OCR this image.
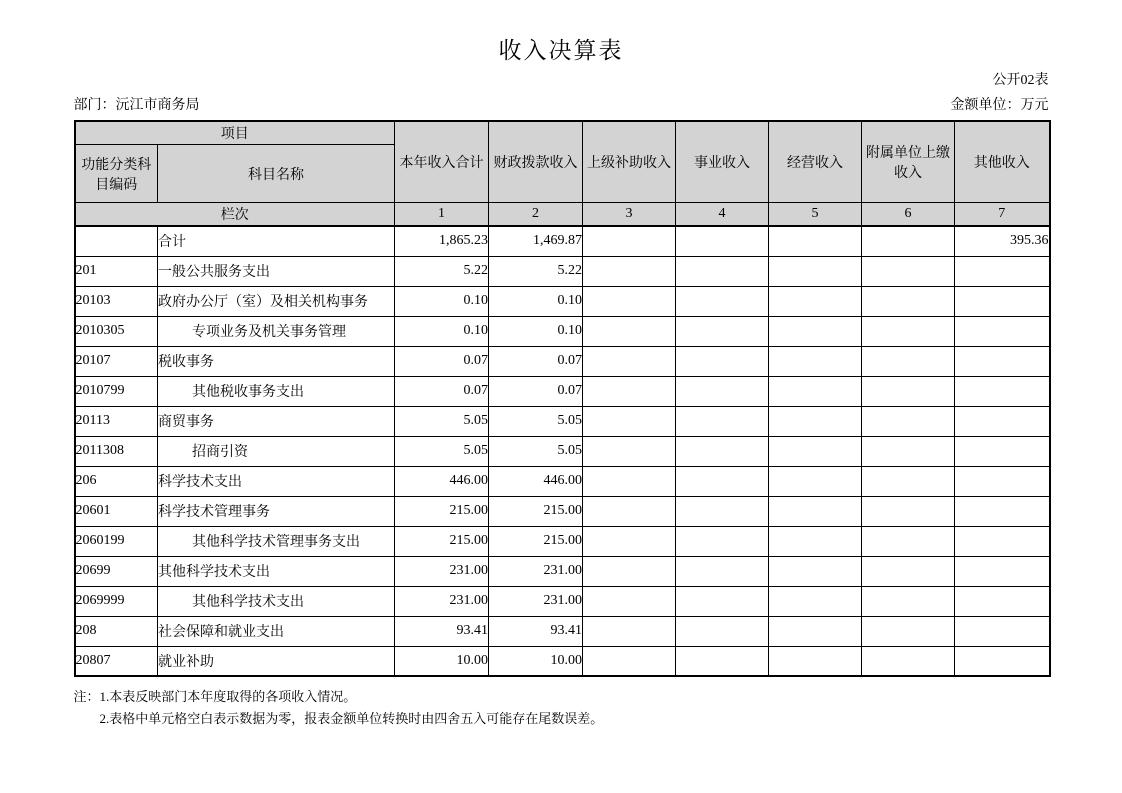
收入决算表
公开02表
部门：沅江市商务局	金额单位：万元
项目		本年收入合计	财政拨款收入	上级补助收入	事业收入	经营收入	附属单位上缴收入	其他收入
功能分类科目编码	科目名称							
栏次		1	2	3	4	5	6	7
	合计	1,865.23	1,469.87					395.36
201	一般公共服务支出	5.22	5.22					
20103	政府办公厅（室）及相关机构事务	0.10	0.10					
2010305	专项业务及机关事务管理	0.10	0.10					
20107	税收事务	0.07	0.07					
2010799	其他税收事务支出	0.07	0.07					
20113	商贸事务	5.05	5.05					
2011308	招商引资	5.05	5.05					
206	科学技术支出	446.00	446.00					
20601	科学技术管理事务	215.00	215.00					
2060199	其他科学技术管理事务支出	215.00	215.00					
20699	其他科学技术支出	231.00	231.00					
2069999	其他科学技术支出	231.00	231.00					
208	社会保障和就业支出	93.41	93.41					
20807	就业补助	10.00	10.00					
注：1.本表反映部门本年度取得的各项收入情况。
2.表格中单元格空白表示数据为零，报表金额单位转换时由四舍五入可能存在尾数误差。
